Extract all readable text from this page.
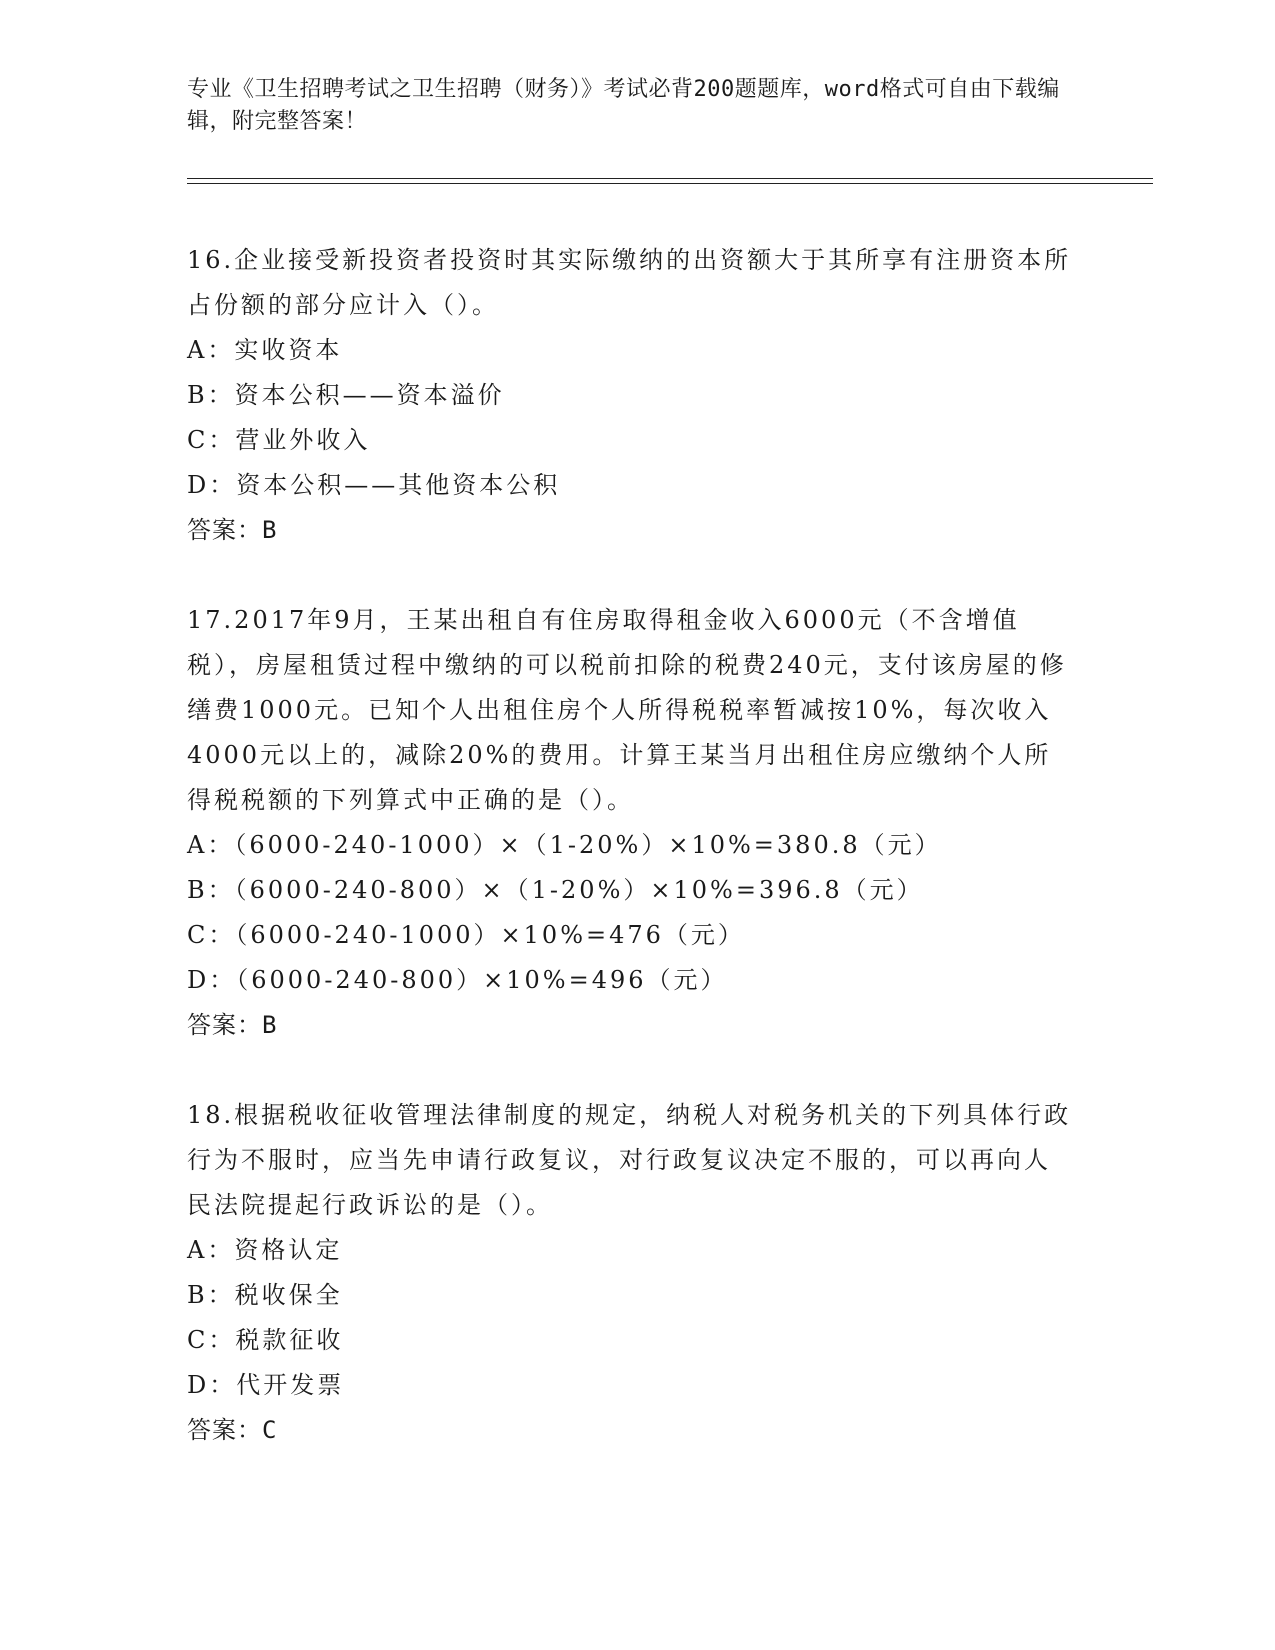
专业《卫生招聘考试之卫生招聘（财务）》考试必背200题题库，word格式可自由下载编辑，附完整答案！

16.企业接受新投资者投资时其实际缴纳的出资额大于其所享有注册资本所占份额的部分应计入（）。

A：实收资本

B：资本公积——资本溢价

C：营业外收入

D：资本公积——其他资本公积

答案：B

17.2017年9月，王某出租自有住房取得租金收入6000元（不含增值税），房屋租赁过程中缴纳的可以税前扣除的税费240元，支付该房屋的修缮费1000元。已知个人出租住房个人所得税税率暂减按10%，每次收入4000元以上的，减除20%的费用。计算王某当月出租住房应缴纳个人所得税税额的下列算式中正确的是（）。

A：（6000-240-1000）×（1-20%）×10%=380.8（元）

B：（6000-240-800）×（1-20%）×10%=396.8（元）

C：（6000-240-1000）×10%=476（元）

D：（6000-240-800）×10%=496（元）

答案：B

18.根据税收征收管理法律制度的规定，纳税人对税务机关的下列具体行政行为不服时，应当先申请行政复议，对行政复议决定不服的，可以再向人民法院提起行政诉讼的是（）。

A：资格认定

B：税收保全

C：税款征收

D：代开发票

答案：C
